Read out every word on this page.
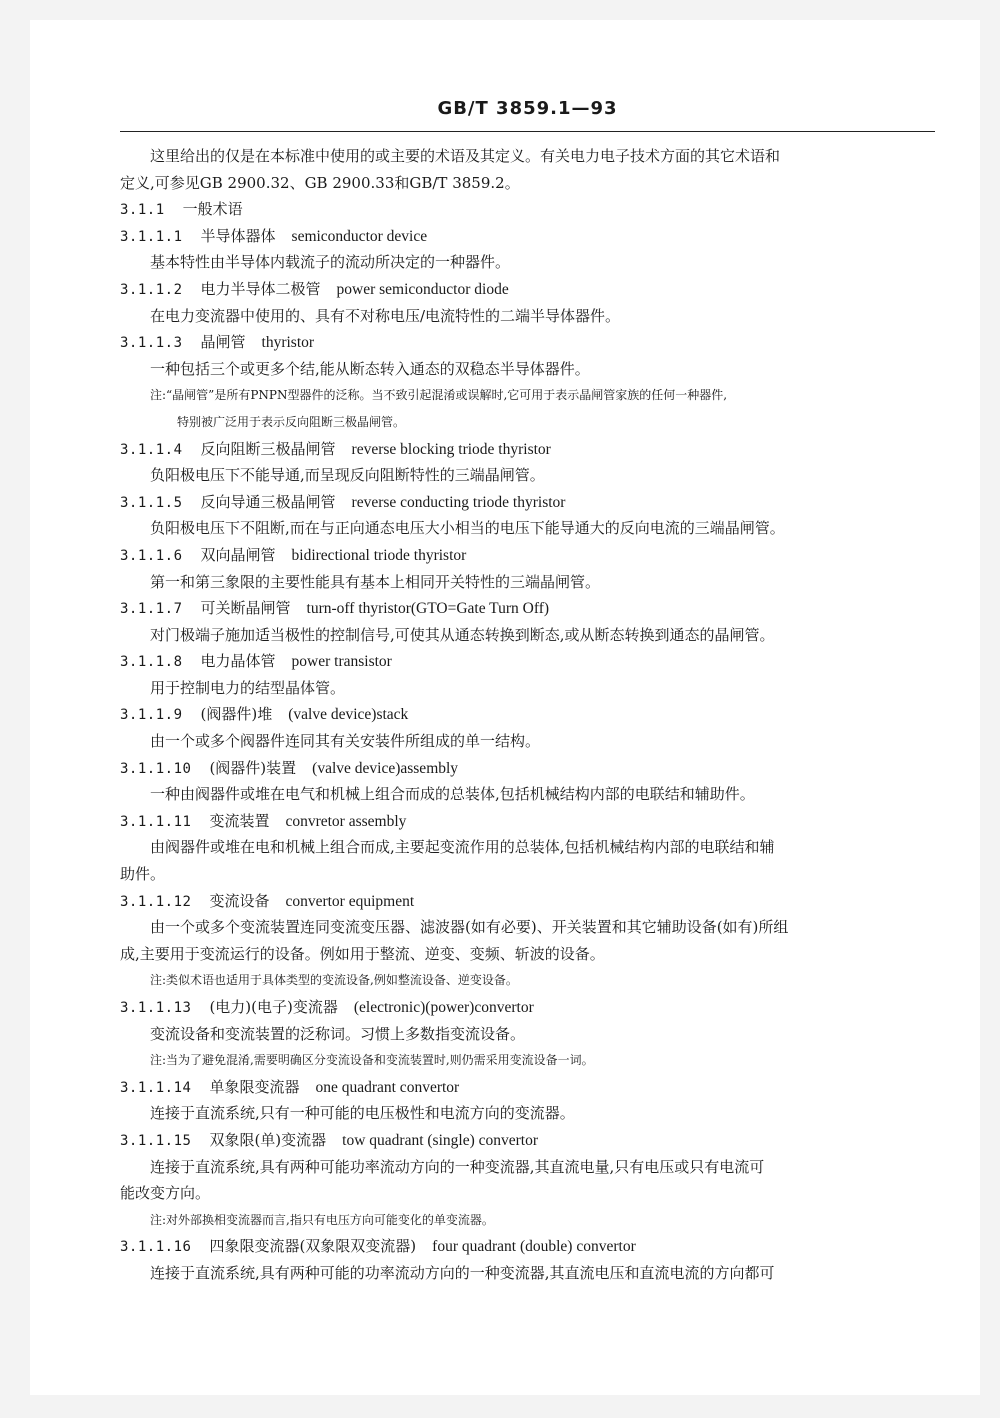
GB/T 3859.1—93
这里给出的仅是在本标准中使用的或主要的术语及其定义。有关电力电子技术方面的其它术语和
定义,可参见GB 2900.32、GB 2900.33和GB/T 3859.2。
3.1.1 一般术语
3.1.1.1 半导体器体 semiconductor device
基本特性由半导体内载流子的流动所决定的一种器件。
3.1.1.2 电力半导体二极管 power semiconductor diode
在电力变流器中使用的、具有不对称电压/电流特性的二端半导体器件。
3.1.1.3 晶闸管 thyristor
一种包括三个或更多个结,能从断态转入通态的双稳态半导体器件。
注:“晶闸管”是所有PNPN型器件的泛称。当不致引起混淆或误解时,它可用于表示晶闸管家族的任何一种器件,
特别被广泛用于表示反向阻断三极晶闸管。
3.1.1.4 反向阻断三极晶闸管 reverse blocking triode thyristor
负阳极电压下不能导通,而呈现反向阻断特性的三端晶闸管。
3.1.1.5 反向导通三极晶闸管 reverse conducting triode thyristor
负阳极电压下不阻断,而在与正向通态电压大小相当的电压下能导通大的反向电流的三端晶闸管。
3.1.1.6 双向晶闸管 bidirectional triode thyristor
第一和第三象限的主要性能具有基本上相同开关特性的三端晶闸管。
3.1.1.7 可关断晶闸管 turn-off thyristor(GTO=Gate Turn Off)
对门极端子施加适当极性的控制信号,可使其从通态转换到断态,或从断态转换到通态的晶闸管。
3.1.1.8 电力晶体管 power transistor
用于控制电力的结型晶体管。
3.1.1.9 (阀器件)堆 (valve device)stack
由一个或多个阀器件连同其有关安装件所组成的单一结构。
3.1.1.10 (阀器件)装置 (valve device)assembly
一种由阀器件或堆在电气和机械上组合而成的总装体,包括机械结构内部的电联结和辅助件。
3.1.1.11 变流装置 convretor assembly
由阀器件或堆在电和机械上组合而成,主要起变流作用的总装体,包括机械结构内部的电联结和辅
助件。
3.1.1.12 变流设备 convertor equipment
由一个或多个变流装置连同变流变压器、滤波器(如有必要)、开关装置和其它辅助设备(如有)所组
成,主要用于变流运行的设备。例如用于整流、逆变、变频、斩波的设备。
注:类似术语也适用于具体类型的变流设备,例如整流设备、逆变设备。
3.1.1.13 (电力)(电子)变流器 (electronic)(power)convertor
变流设备和变流装置的泛称词。习惯上多数指变流设备。
注:当为了避免混淆,需要明确区分变流设备和变流装置时,则仍需采用变流设备一词。
3.1.1.14 单象限变流器 one quadrant convertor
连接于直流系统,只有一种可能的电压极性和电流方向的变流器。
3.1.1.15 双象限(单)变流器 tow quadrant (single) convertor
连接于直流系统,具有两种可能功率流动方向的一种变流器,其直流电量,只有电压或只有电流可
能改变方向。
注:对外部换相变流器而言,指只有电压方向可能变化的单变流器。
3.1.1.16 四象限变流器(双象限双变流器) four quadrant (double) convertor
连接于直流系统,具有两种可能的功率流动方向的一种变流器,其直流电压和直流电流的方向都可
